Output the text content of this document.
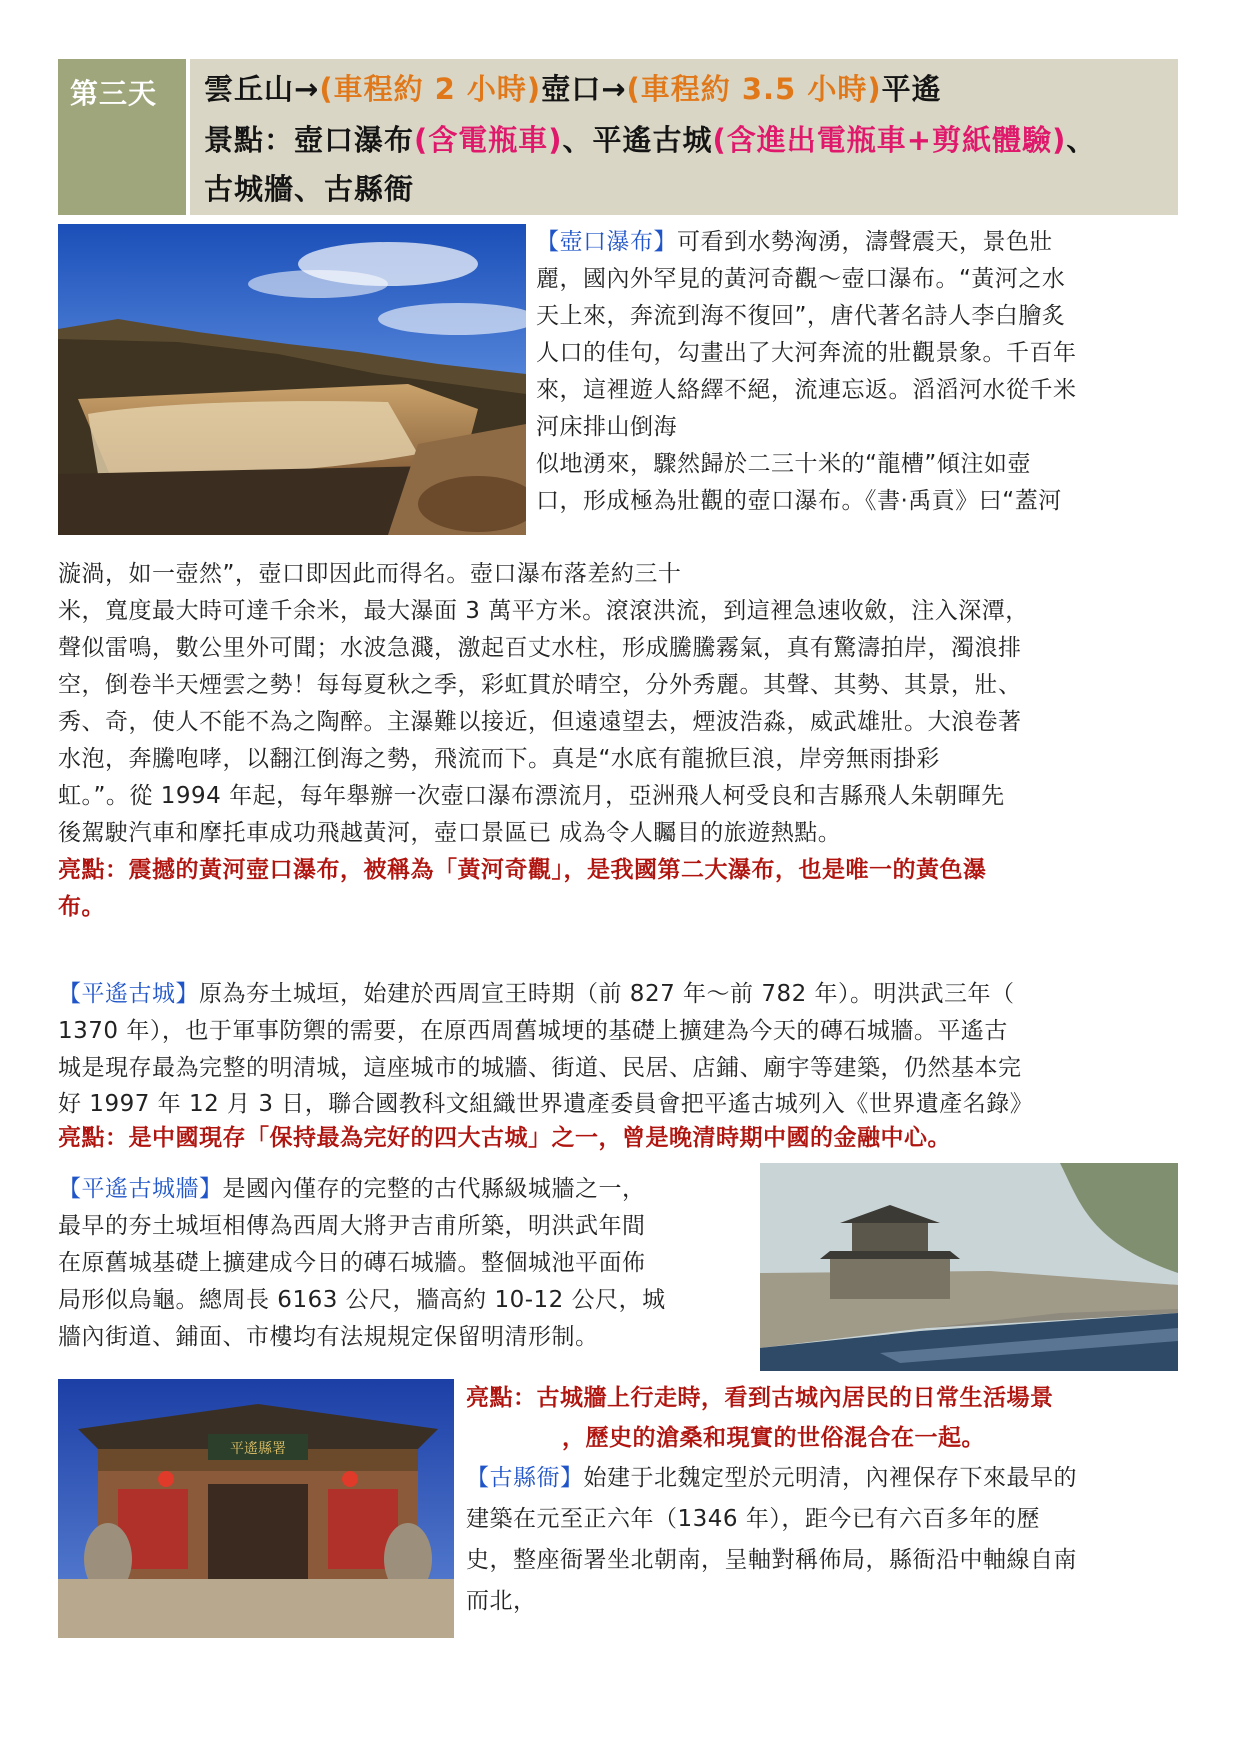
第三天 雲丘山→(車程約 2 小時)壺口→(車程約 3.5 小時)平遙
景點：壺口瀑布(含電瓶車)、平遙古城(含進出電瓶車+剪紙體驗)、
古城牆、古縣衙

【壺口瀑布】可看到水勢洶湧，濤聲震天，景色壯

麗，國內外罕見的黃河奇觀～壺口瀑布。“黃河之水

天上來，奔流到海不復回”，唐代著名詩人李白膾炙

人口的佳句，勾畫出了大河奔流的壯觀景象。千百年

來，這裡遊人絡繹不絕，流連忘返。滔滔河水從千米

河床排山倒海

似地湧來，驟然歸於二三十米的“龍槽”傾注如壺

口，形成極為壯觀的壺口瀑布。《書·禹貢》曰“蓋河

漩渦，如一壺然”，壺口即因此而得名。壺口瀑布落差約三十

米，寬度最大時可達千余米，最大瀑面 3 萬平方米。滾滾洪流，到這裡急速收斂，注入深潭，

聲似雷鳴，數公里外可聞；水波急濺，激起百丈水柱，形成騰騰霧氣，真有驚濤拍岸，濁浪排

空，倒卷半天煙雲之勢！每每夏秋之季，彩虹貫於晴空，分外秀麗。其聲、其勢、其景，壯、

秀、奇，使人不能不為之陶醉。主瀑難以接近，但遠遠望去，煙波浩淼，威武雄壯。大浪卷著

水泡，奔騰咆哮，以翻江倒海之勢，飛流而下。真是“水底有龍掀巨浪，岸旁無雨掛彩

虹。”。從 1994 年起，每年舉辦一次壺口瀑布漂流月，亞洲飛人柯受良和吉縣飛人朱朝暉先

後駕駛汽車和摩托車成功飛越黃河，壺口景區已 成為令人矚目的旅遊熱點。

亮點：震撼的黃河壺口瀑布，被稱為「黃河奇觀」，是我國第二大瀑布，也是唯一的黃色瀑

布。

【平遙古城】原為夯土城垣，始建於西周宣王時期（前 827 年～前 782 年）。明洪武三年（

1370 年），也于軍事防禦的需要，在原西周舊城埂的基礎上擴建為今天的磚石城牆。平遙古

城是現存最為完整的明清城，這座城市的城牆、街道、民居、店鋪、廟宇等建築，仍然基本完

好 1997 年 12 月 3 日，聯合國教科文組織世界遺產委員會把平遙古城列入《世界遺產名錄》

亮點：是中國現存「保持最為完好的四大古城」之一，曾是晚清時期中國的金融中心。

【平遙古城牆】是國內僅存的完整的古代縣級城牆之一，

最早的夯土城垣相傳為西周大將尹吉甫所築，明洪武年間

在原舊城基礎上擴建成今日的磚石城牆。整個城池平面佈

局形似烏龜。總周長 6163 公尺，牆高約 10-12 公尺，城

牆內街道、鋪面、市樓均有法規規定保留明清形制。

平遙縣署

亮點：古城牆上行走時，看到古城內居民的日常生活場景

，歷史的滄桑和現實的世俗混合在一起。

【古縣衙】始建于北魏定型於元明清，內裡保存下來最早的

建築在元至正六年（1346 年），距今已有六百多年的歷

史，整座衙署坐北朝南，呈軸對稱佈局，縣衙沿中軸線自南

而北，
